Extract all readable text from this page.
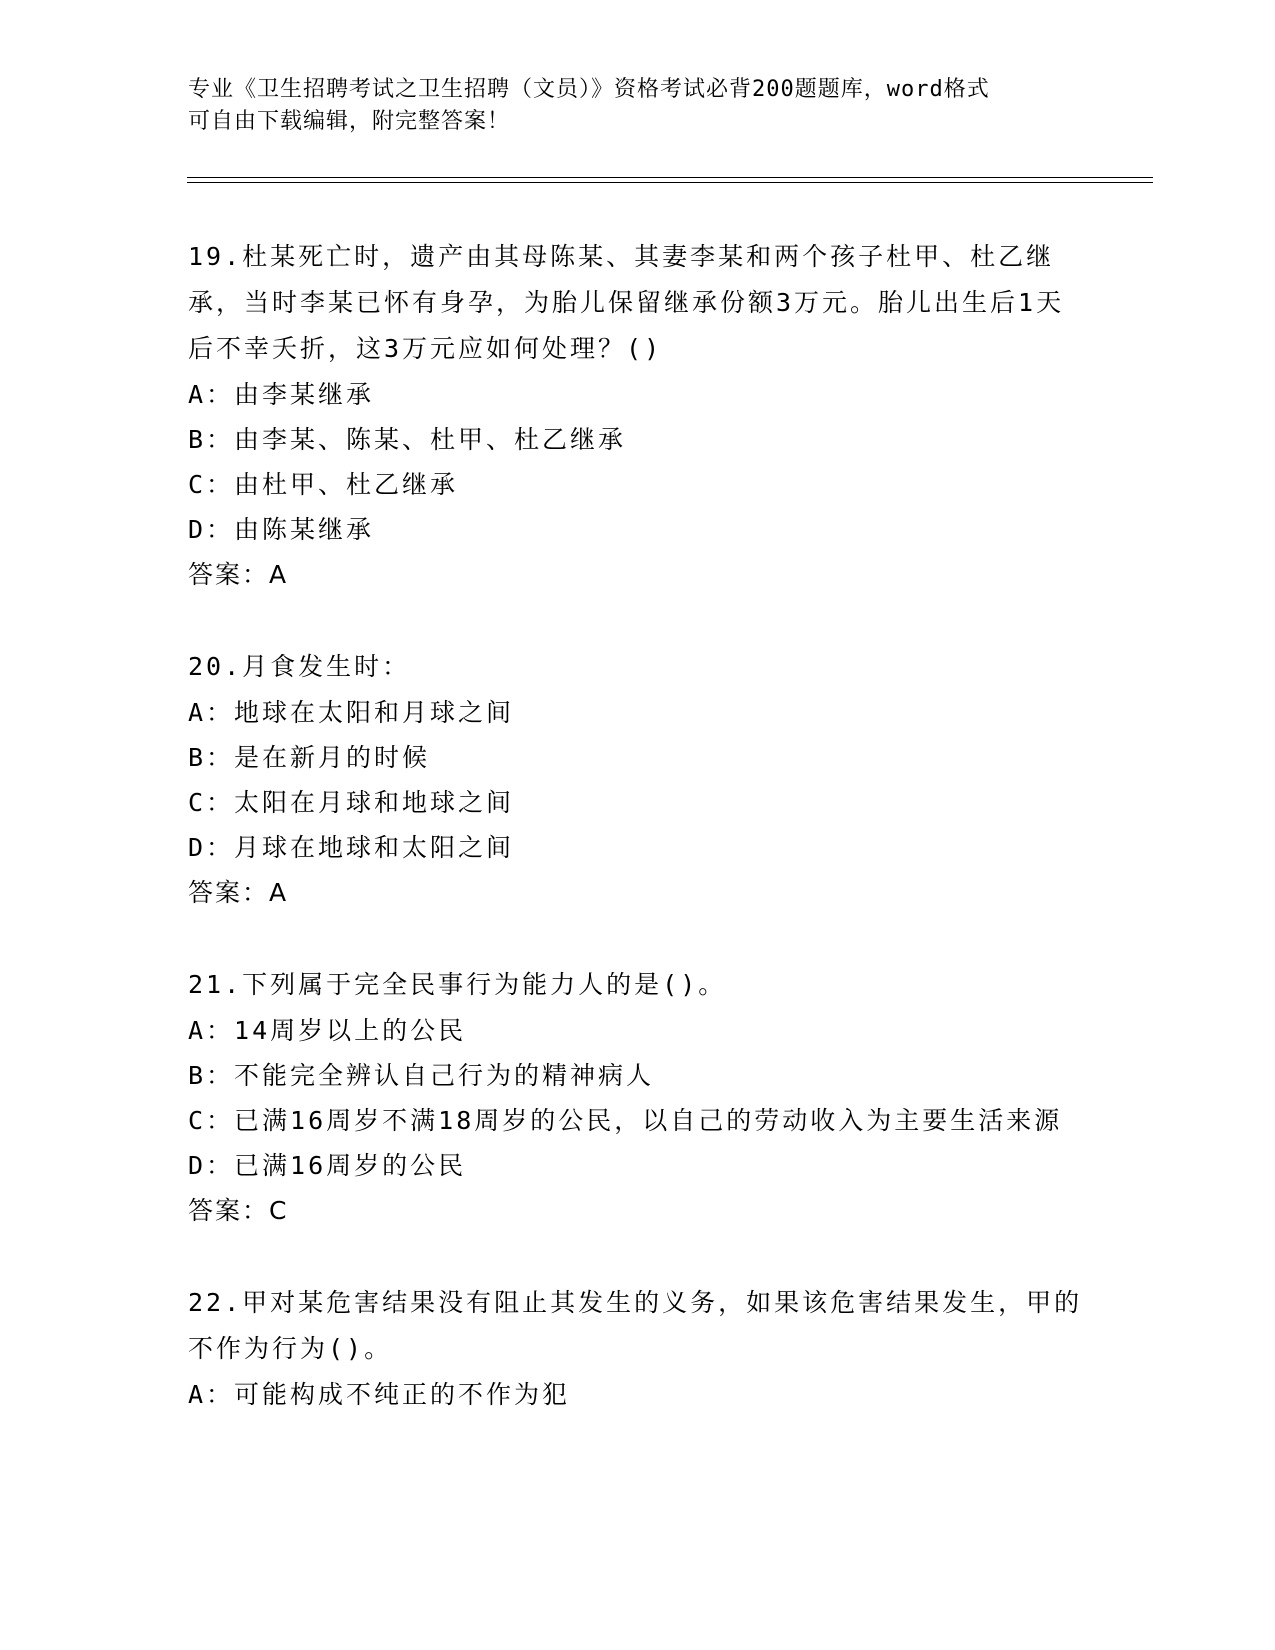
专业《卫生招聘考试之卫生招聘（文员）》资格考试必背200题题库，word格式
可自由下载编辑，附完整答案！

19.杜某死亡时，遗产由其母陈某、其妻李某和两个孩子杜甲、杜乙继承，当时李某已怀有身孕，为胎儿保留继承份额3万元。胎儿出生后1天后不幸夭折，这3万元应如何处理？()

A：由李某继承

B：由李某、陈某、杜甲、杜乙继承

C：由杜甲、杜乙继承

D：由陈某继承

答案：A

20.月食发生时：

A：地球在太阳和月球之间

B：是在新月的时候

C：太阳在月球和地球之间

D：月球在地球和太阳之间

答案：A

21.下列属于完全民事行为能力人的是()。

A：14周岁以上的公民

B：不能完全辨认自己行为的精神病人

C：已满16周岁不满18周岁的公民，以自己的劳动收入为主要生活来源

D：已满16周岁的公民

答案：C

22.甲对某危害结果没有阻止其发生的义务，如果该危害结果发生，甲的不作为行为()。

A：可能构成不纯正的不作为犯
